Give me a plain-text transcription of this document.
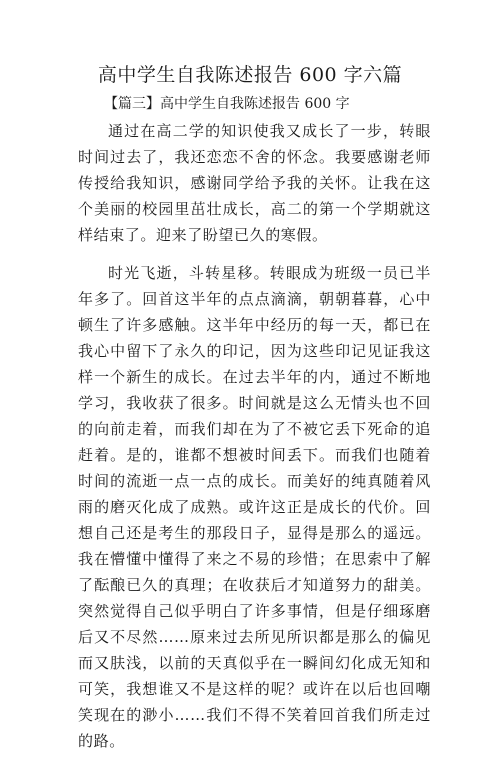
高中学生自我陈述报告 600 字六篇

【篇三】高中学生自我陈述报告 600 字

通过在高二学的知识使我又成长了一步，转眼时间过去了，我还恋恋不舍的怀念。我要感谢老师传授给我知识，感谢同学给予我的关怀。让我在这个美丽的校园里茁壮成长，高二的第一个学期就这样结束了。迎来了盼望已久的寒假。

时光飞逝，斗转星移。转眼成为班级一员已半年多了。回首这半年的点点滴滴，朝朝暮暮，心中顿生了许多感触。这半年中经历的每一天，都已在我心中留下了永久的印记，因为这些印记见证我这样一个新生的成长。在过去半年的内，通过不断地学习，我收获了很多。时间就是这么无情头也不回的向前走着，而我们却在为了不被它丢下死命的追赶着。是的，谁都不想被时间丢下。而我们也随着时间的流逝一点一点的成长。而美好的纯真随着风雨的磨灭化成了成熟。或许这正是成长的代价。回想自己还是考生的那段日子，显得是那么的遥远。我在懵懂中懂得了来之不易的珍惜；在思索中了解了酝酿已久的真理；在收获后才知道努力的甜美。突然觉得自己似乎明白了许多事情，但是仔细琢磨后又不尽然……原来过去所见所识都是那么的偏见而又肤浅，以前的天真似乎在一瞬间幻化成无知和可笑，我想谁又不是这样的呢？或许在以后也回嘲笑现在的渺小……我们不得不笑着回首我们所走过的路。
